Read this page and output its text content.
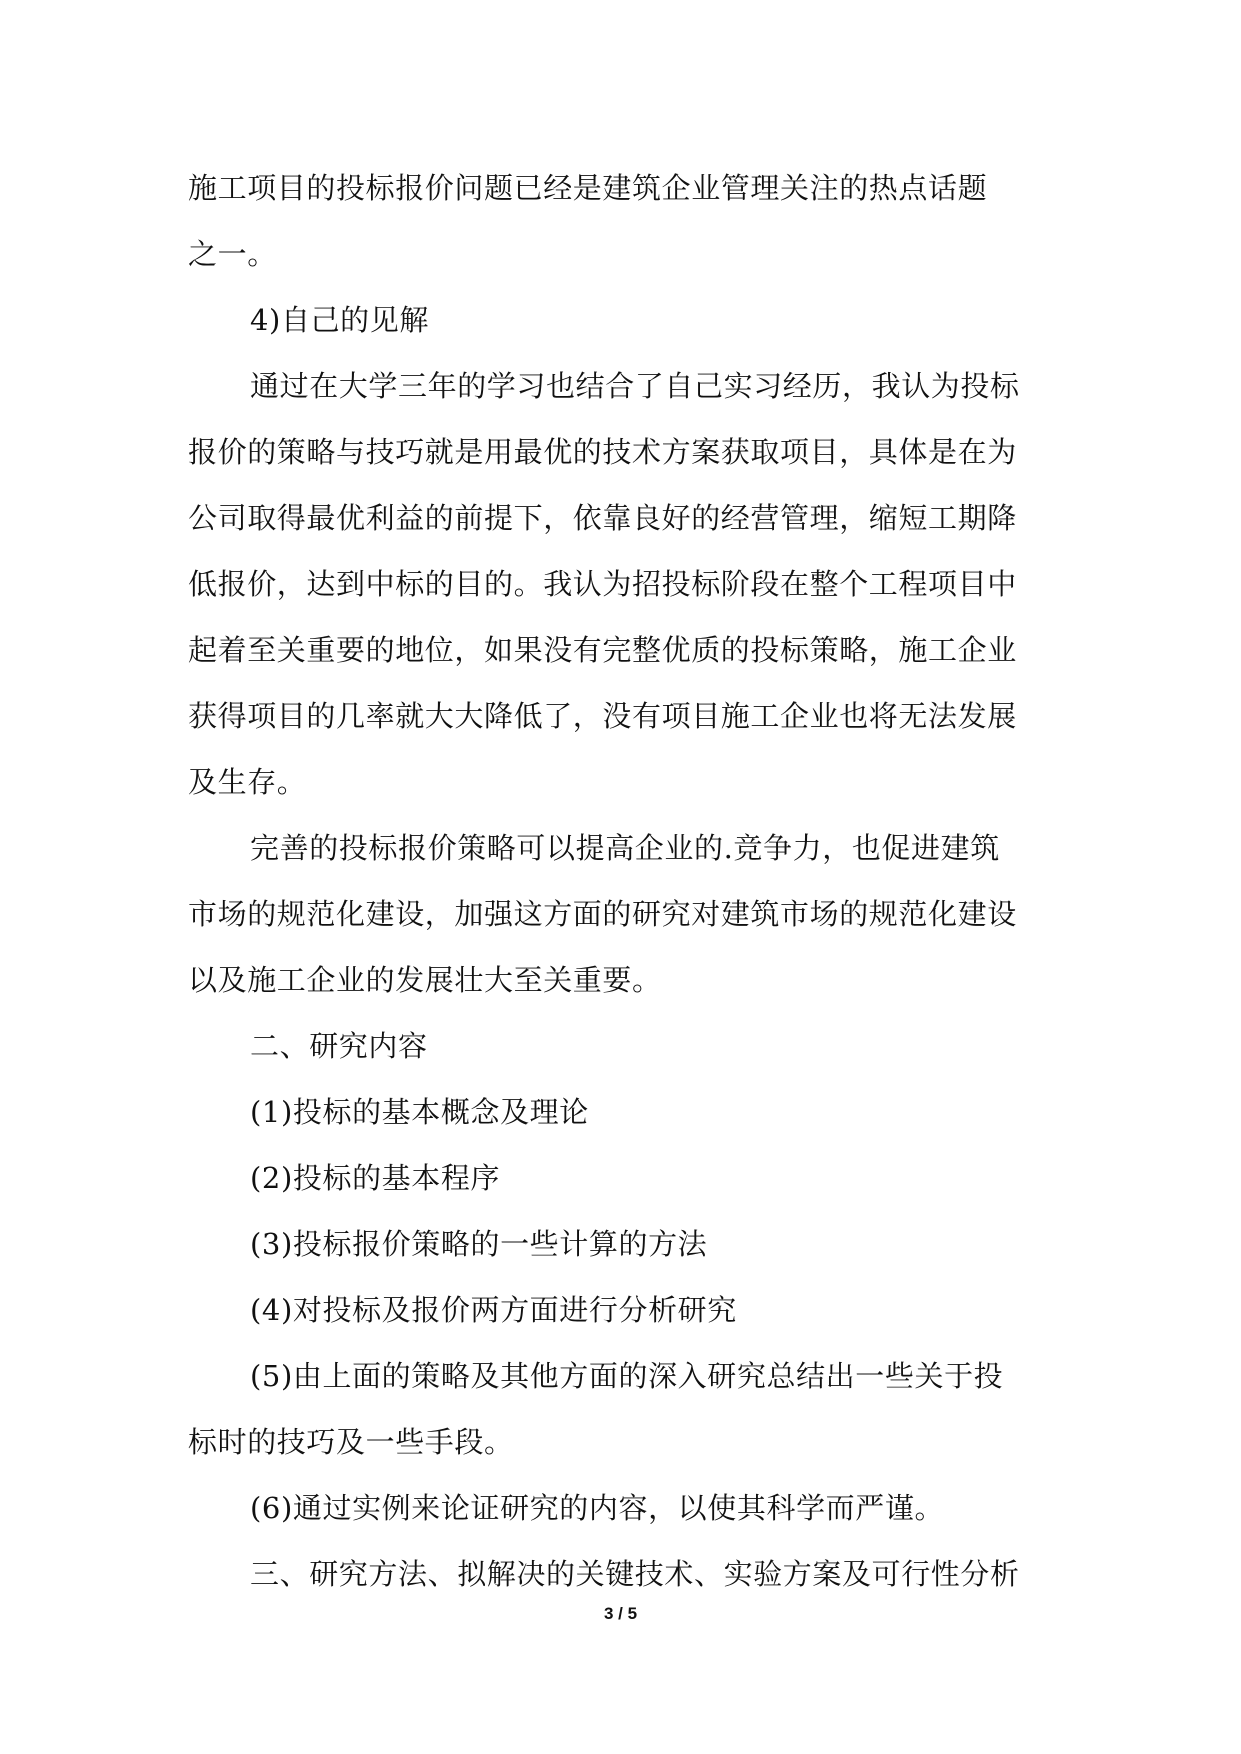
施工项目的投标报价问题已经是建筑企业管理关注的热点话题
之一。
4)自己的见解
通过在大学三年的学习也结合了自己实习经历，我认为投标
报价的策略与技巧就是用最优的技术方案获取项目，具体是在为
公司取得最优利益的前提下，依靠良好的经营管理，缩短工期降
低报价，达到中标的目的。我认为招投标阶段在整个工程项目中
起着至关重要的地位，如果没有完整优质的投标策略，施工企业
获得项目的几率就大大降低了，没有项目施工企业也将无法发展
及生存。
完善的投标报价策略可以提高企业的.竞争力，也促进建筑
市场的规范化建设，加强这方面的研究对建筑市场的规范化建设
以及施工企业的发展壮大至关重要。
二、研究内容
(1)投标的基本概念及理论
(2)投标的基本程序
(3)投标报价策略的一些计算的方法
(4)对投标及报价两方面进行分析研究
(5)由上面的策略及其他方面的深入研究总结出一些关于投
标时的技巧及一些手段。
(6)通过实例来论证研究的内容，以使其科学而严谨。
三、研究方法、拟解决的关键技术、实验方案及可行性分析
3 / 5
